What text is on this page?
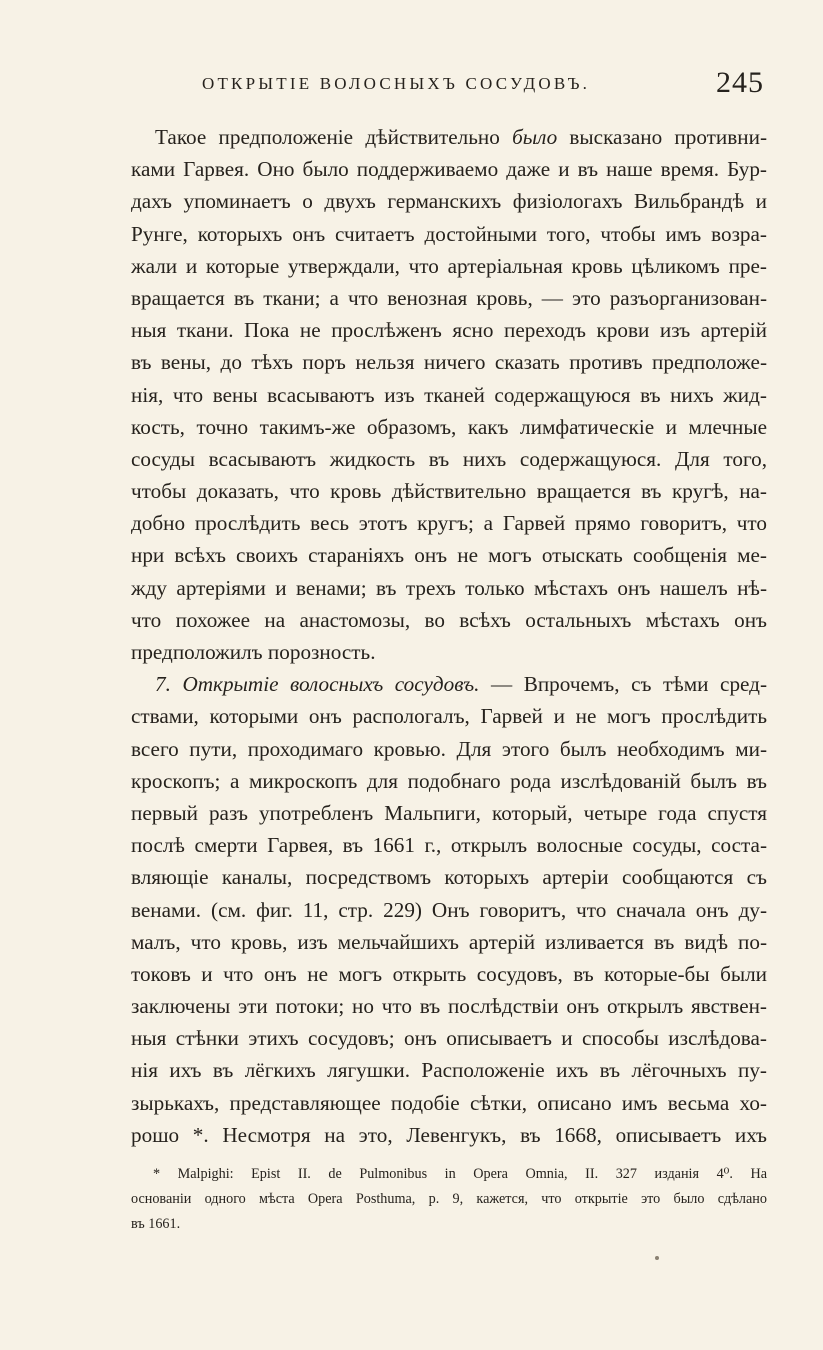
ОТКРЫТІЕ ВОЛОСНЫХЪ СОСУДОВЪ.	245
Такое предположеніе дѣйствительно было высказано противни-
ками Гарвея. Оно было поддерживаемо даже и въ наше время. Бур-
дахъ упоминаетъ о двухъ германскихъ физіологахъ Вильбрандѣ и
Рунге, которыхъ онъ считаетъ достойными того, чтобы имъ возра-
жали и которые утверждали, что артеріальная кровь цѣликомъ пре-
вращается въ ткани; а что венозная кровь, — это разъорганизован-
ныя ткани. Пока не прослѣженъ ясно переходъ крови изъ артерій
въ вены, до тѣхъ поръ нельзя ничего сказать противъ предположе-
нія, что вены всасываютъ изъ тканей содержащуюся въ нихъ жид-
кость, точно такимъ-же образомъ, какъ лимфатическіе и млечные
сосуды всасываютъ жидкость въ нихъ содержащуюся. Для того,
чтобы доказать, что кровь дѣйствительно вращается въ кругѣ, на-
добно прослѣдить весь этотъ кругъ; а Гарвей прямо говоритъ, что
нри всѣхъ своихъ стараніяхъ онъ не могъ отыскать сообщенія ме-
жду артеріями и венами; въ трехъ только мѣстахъ онъ нашелъ нѣ-
что похожее на анастомозы, во всѣхъ остальныхъ мѣстахъ онъ
предположилъ порозность.
7. Открытіе волосныхъ сосудовъ. — Впрочемъ, съ тѣми сред-
ствами, которыми онъ распологалъ, Гарвей и не могъ прослѣдить
всего пути, проходимаго кровью. Для этого былъ необходимъ ми-
кроскопъ; а микроскопъ для подобнаго рода изслѣдованій былъ въ
первый разъ употребленъ Мальпиги, который, четыре года спустя
послѣ смерти Гарвея, въ 1661 г., открылъ волосные сосуды, соста-
вляющіе каналы, посредствомъ которыхъ артеріи сообщаются съ
венами. (см. фиг. 11, стр. 229) Онъ говоритъ, что сначала онъ ду-
малъ, что кровь, изъ мельчайшихъ артерій изливается въ видѣ по-
токовъ и что онъ не могъ открыть сосудовъ, въ которые-бы были
заключены эти потоки; но что въ послѣдствіи онъ открылъ явствен-
ныя стѣнки этихъ сосудовъ; онъ описываетъ и способы изслѣдова-
нія ихъ въ лёгкихъ лягушки. Расположеніе ихъ въ лёгочныхъ пу-
зырькахъ, представляющее подобіе сѣтки, описано имъ весьма хо-
рошо *. Несмотря на это, Левенгукъ, въ 1668, описываетъ ихъ
* Malpighi: Epist II. de Pulmonibus in Opera Omnia, II. 327 изданія 4⁰. На
основаніи одного мѣста Opera Posthuma, p. 9, кажется, что открытіе это было сдѣлано
въ 1661.
